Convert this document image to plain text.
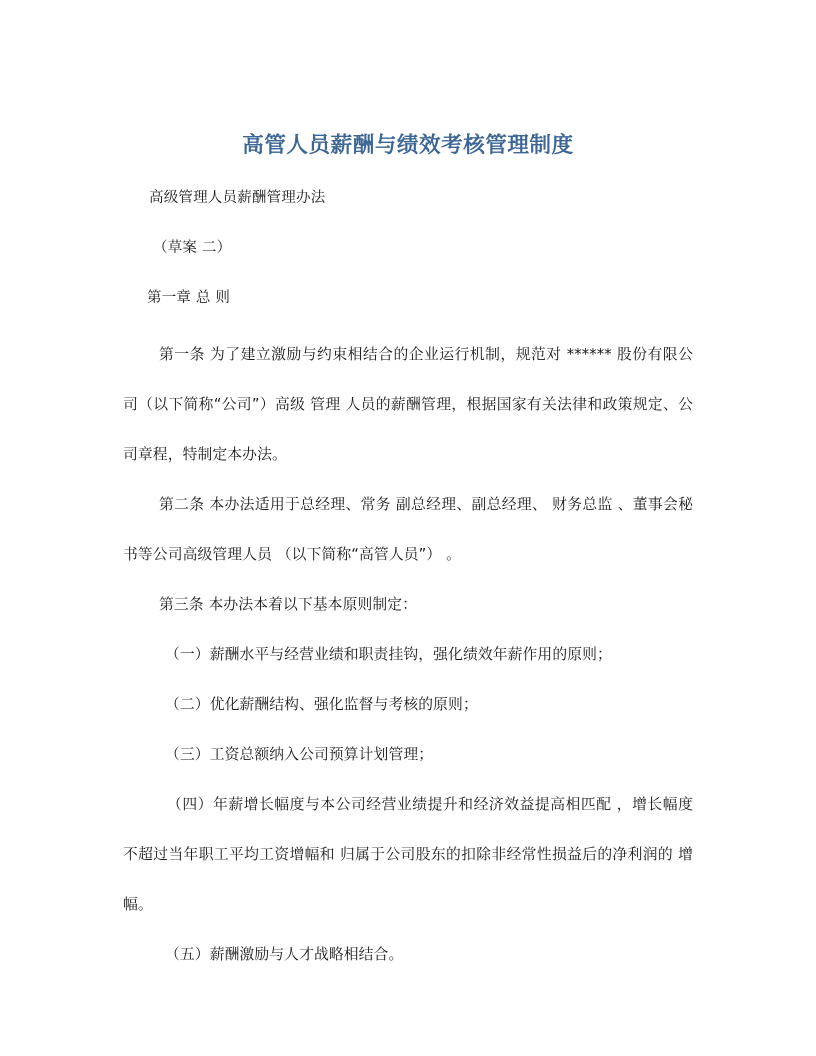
高管人员薪酬与绩效考核管理制度

高级管理人员薪酬管理办法

（草案 二）

第一章 总 则

第一条 为了建立激励与约束相结合的企业运行机制，规范对 ****** 股份有限公司（以下简称“公司”）高级 管理 人员的薪酬管理，根据国家有关法律和政策规定、公司章程，特制定本办法。

第二条 本办法适用于总经理、常务 副总经理、副总经理、 财务总监 、董事会秘书等公司高级管理人员 （以下简称“高管人员”） 。

第三条 本办法本着以下基本原则制定：

（一）薪酬水平与经营业绩和职责挂钩，强化绩效年薪作用的原则；

（二）优化薪酬结构、强化监督与考核的原则；

（三）工资总额纳入公司预算计划管理；

（四）年薪增长幅度与本公司经营业绩提升和经济效益提高相匹配 ，增长幅度不超过当年职工平均工资增幅和 归属于公司股东的扣除非经常性损益后的净利润的 增幅。

（五）薪酬激励与人才战略相结合。
